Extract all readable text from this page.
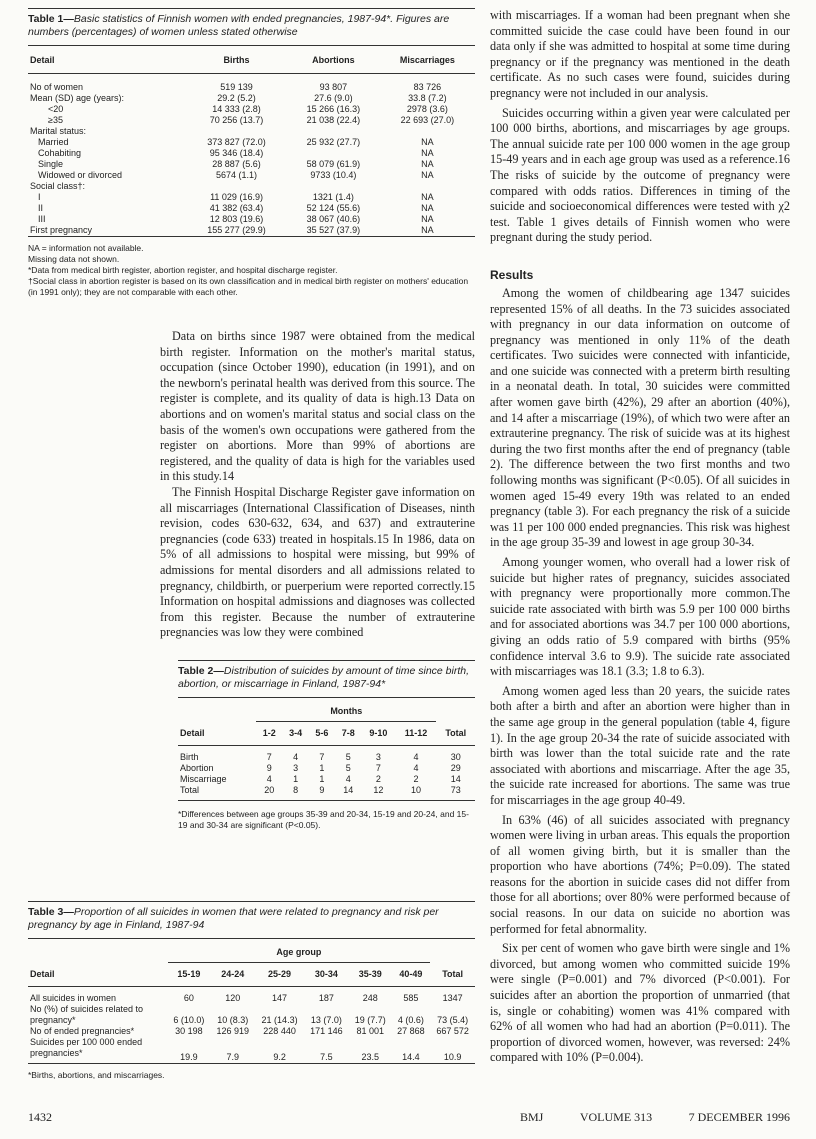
Table 1—Basic statistics of Finnish women with ended pregnancies, 1987-94*. Figures are numbers (percentages) of women unless stated otherwise
Detail	Births	Abortions	Miscarriages
No of women	519 139	93 807	83 726
Mean (SD) age (years):	29.2 (5.2)	27.6 (9.0)	33.8 (7.2)
<20	14 333 (2.8)	15 266 (16.3)	2978 (3.6)
≥35	70 256 (13.7)	21 038 (22.4)	22 693 (27.0)
Marital status:			
Married	373 827 (72.0)	25 932 (27.7)	NA
Cohabiting	95 346 (18.4)		NA
Single	28 887 (5.6)	58 079 (61.9)	NA
Widowed or divorced	5674 (1.1)	9733 (10.4)	NA
Social class†:			
I	11 029 (16.9)	1321 (1.4)	NA
II	41 382 (63.4)	52 124 (55.6)	NA
III	12 803 (19.6)	38 067 (40.6)	NA
First pregnancy	155 277 (29.9)	35 527 (37.9)	NA
NA = information not available.
Missing data not shown.
*Data from medical birth register, abortion register, and hospital discharge register.
†Social class in abortion register is based on its own classification and in medical birth register on mothers' education (in 1991 only); they are not comparable with each other.

Data on births since 1987 were obtained from the medical birth register. Information on the mother's marital status, occupation (since October 1990), education (in 1991), and on the newborn's perinatal health was derived from this source. The register is complete, and its quality of data is high.13 Data on abortions and on women's marital status and social class on the basis of the women's own occupations were gathered from the register on abortions. More than 99% of abortions are registered, and the quality of data is high for the variables used in this study.14

The Finnish Hospital Discharge Register gave information on all miscarriages (International Classification of Diseases, ninth revision, codes 630-632, 634, and 637) and extrauterine pregnancies (code 633) treated in hospitals.15 In 1986, data on 5% of all admissions to hospital were missing, but 99% of admissions for mental disorders and all admissions related to pregnancy, childbirth, or puerperium were reported correctly.15 Information on hospital admissions and diagnoses was collected from this register. Because the number of extrauterine pregnancies was low they were combined

Table 2—Distribution of suicides by amount of time since birth, abortion, or miscarriage in Finland, 1987-94*
	Months						
Detail	1-2	3-4	5-6	7-8	9-10	11-12	Total
Birth	7	4	7	5	3	4	30
Abortion	9	3	1	5	7	4	29
Miscarriage	4	1	1	4	2	2	14
Total	20	8	9	14	12	10	73
*Differences between age groups 35-39 and 20-34, 15-19 and 20-24, and 15-19 and 30-34 are significant (P<0.05).
Table 3—Proportion of all suicides in women that were related to pregnancy and risk per pregnancy by age in Finland, 1987-94
	Age group						
Detail	15-19	24-24	25-29	30-34	35-39	40-49	Total
All suicides in women	60	120	147	187	248	585	1347
No (%) of suicides related to pregnancy*	6 (10.0)	10 (8.3)	21 (14.3)	13 (7.0)	19 (7.7)	4 (0.6)	73 (5.4)
No of ended pregnancies*	30 198	126 919	228 440	171 146	81 001	27 868	667 572
Suicides per 100 000 ended pregnancies*	19.9	7.9	9.2	7.5	23.5	14.4	10.9
*Births, abortions, and miscarriages.

with miscarriages. If a woman had been pregnant when she committed suicide the case could have been found in our data only if she was admitted to hospital at some time during pregnancy or if the pregnancy was mentioned in the death certificate. As no such cases were found, suicides during pregnancy were not included in our analysis.

Suicides occurring within a given year were calculated per 100 000 births, abortions, and miscarriages by age groups. The annual suicide rate per 100 000 women in the age group 15-49 years and in each age group was used as a reference.16 The risks of suicide by the outcome of pregnancy were compared with odds ratios. Differences in timing of the suicide and socioeconomical differences were tested with χ2 test. Table 1 gives details of Finnish women who were pregnant during the study period.

Results

Among the women of childbearing age 1347 suicides represented 15% of all deaths. In the 73 suicides associated with pregnancy in our data information on outcome of pregnancy was mentioned in only 11% of the death certificates. Two suicides were connected with infanticide, and one suicide was connected with a preterm birth resulting in a neonatal death. In total, 30 suicides were committed after women gave birth (42%), 29 after an abortion (40%), and 14 after a miscarriage (19%), of which two were after an extrauterine pregnancy. The risk of suicide was at its highest during the two first months after the end of pregnancy (table 2). The difference between the two first months and two following months was significant (P<0.05). Of all suicides in women aged 15-49 every 19th was related to an ended pregnancy (table 3). For each pregnancy the risk of a suicide was 11 per 100 000 ended pregnancies. This risk was highest in the age group 35-39 and lowest in age group 30-34.

Among younger women, who overall had a lower risk of suicide but higher rates of pregnancy, suicides associated with pregnancy were proportionally more common.The suicide rate associated with birth was 5.9 per 100 000 births and for associated abortions was 34.7 per 100 000 abortions, giving an odds ratio of 5.9 compared with births (95% confidence interval 3.6 to 9.9). The suicide rate associated with miscarriages was 18.1 (3.3; 1.8 to 6.3).

Among women aged less than 20 years, the suicide rates both after a birth and after an abortion were higher than in the same age group in the general population (table 4, figure 1). In the age group 20-34 the rate of suicide associated with birth was lower than the total suicide rate and the rate associated with abortions and miscarriage. After the age 35, the suicide rate increased for abortions. The same was true for miscarriages in the age group 40-49.

In 63% (46) of all suicides associated with pregnancy women were living in urban areas. This equals the proportion of all women giving birth, but it is smaller than the proportion who have abortions (74%; P=0.09). The stated reasons for the abortion in suicide cases did not differ from those for all abortions; over 80% were performed because of social reasons. In our data on suicide no abortion was performed for fetal abnormality.

Six per cent of women who gave birth were single and 1% divorced, but among women who committed suicide 19% were single (P=0.001) and 7% divorced (P<0.001). For suicides after an abortion the proportion of unmarried (that is, single or cohabiting) women was 41% compared with 62% of all women who had had an abortion (P=0.011). The proportion of divorced women, however, was reversed: 24% compared with 10% (P=0.004).

1432	BMJ	VOLUME 313	7 DECEMBER 1996
